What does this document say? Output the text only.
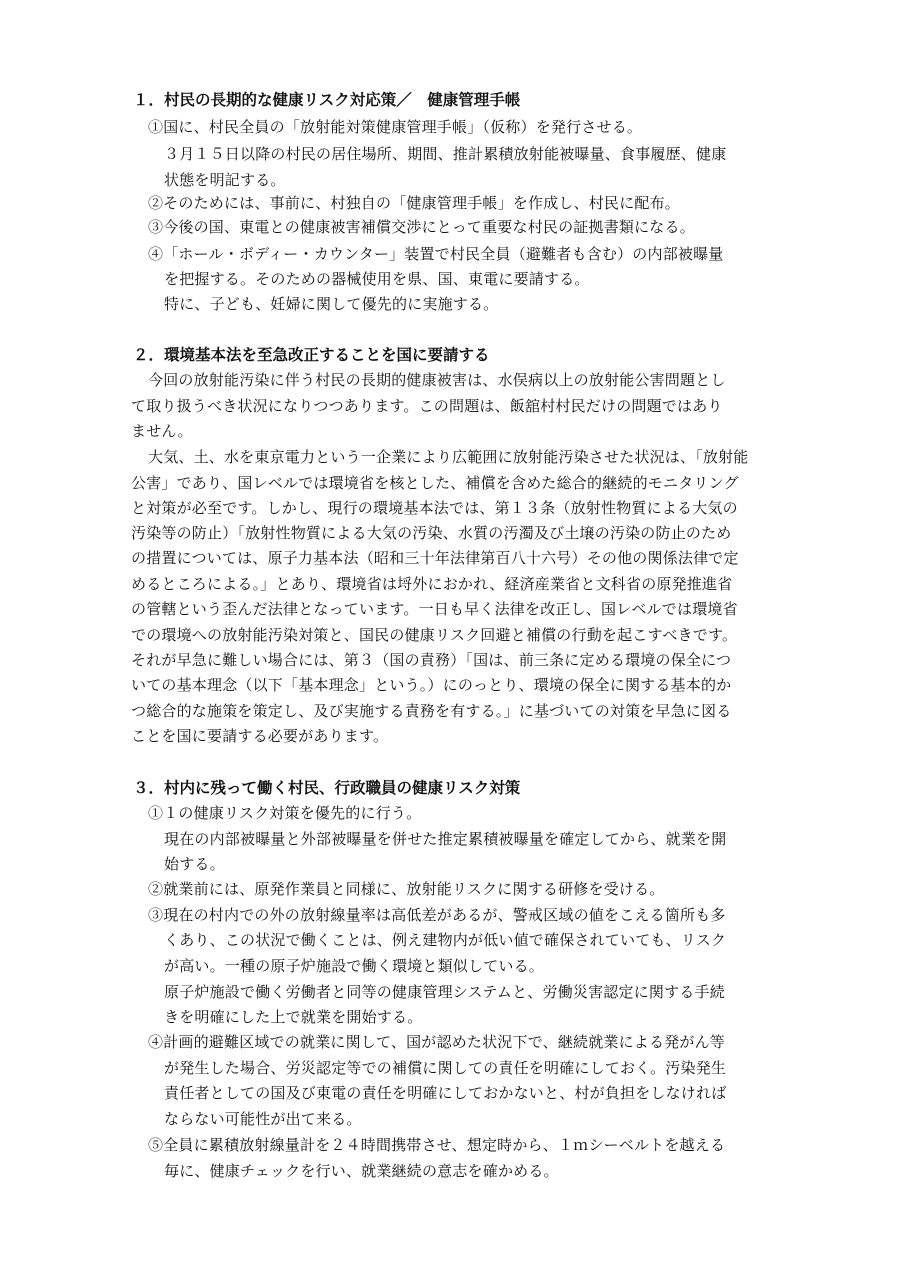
１．村民の長期的な健康リスク対応策／　健康管理手帳
①国に、村民全員の「放射能対策健康管理手帳」（仮称）を発行させる。
３月１５日以降の村民の居住場所、期間、推計累積放射能被曝量、食事履歴、健康
状態を明記する。
②そのためには、事前に、村独自の「健康管理手帳」を作成し、村民に配布。
③今後の国、東電との健康被害補償交渉にとって重要な村民の証拠書類になる。
④「ホール・ボディー・カウンター」装置で村民全員（避難者も含む）の内部被曝量
を把握する。そのための器械使用を県、国、東電に要請する。
特に、子ども、妊婦に関して優先的に実施する。
２．環境基本法を至急改正することを国に要請する
今回の放射能汚染に伴う村民の長期的健康被害は、水俣病以上の放射能公害問題とし
て取り扱うべき状況になりつつあります。この問題は、飯舘村村民だけの問題ではあり
ません。
大気、土、水を東京電力という一企業により広範囲に放射能汚染させた状況は、「放射能
公害」であり、国レベルでは環境省を核とした、補償を含めた総合的継続的モニタリング
と対策が必至です。しかし、現行の環境基本法では、第１３条（放射性物質による大気の
汚染等の防止）「放射性物質による大気の汚染、水質の汚濁及び土壌の汚染の防止のため
の措置については、原子力基本法（昭和三十年法律第百八十六号）その他の関係法律で定
めるところによる。」とあり、環境省は埒外におかれ、経済産業省と文科省の原発推進省
の管轄という歪んだ法律となっています。一日も早く法律を改正し、国レベルでは環境省
での環境への放射能汚染対策と、国民の健康リスク回避と補償の行動を起こすべきです。
それが早急に難しい場合には、第３（国の責務）「国は、前三条に定める環境の保全につ
いての基本理念（以下「基本理念」という。）にのっとり、環境の保全に関する基本的か
つ総合的な施策を策定し、及び実施する責務を有する。」に基づいての対策を早急に図る
ことを国に要請する必要があります。
３．村内に残って働く村民、行政職員の健康リスク対策
①１の健康リスク対策を優先的に行う。
現在の内部被曝量と外部被曝量を併せた推定累積被曝量を確定してから、就業を開
始する。
②就業前には、原発作業員と同様に、放射能リスクに関する研修を受ける。
③現在の村内での外の放射線量率は高低差があるが、警戒区域の値をこえる箇所も多
くあり、この状況で働くことは、例え建物内が低い値で確保されていても、リスク
が高い。一種の原子炉施設で働く環境と類似している。
原子炉施設で働く労働者と同等の健康管理システムと、労働災害認定に関する手続
きを明確にした上で就業を開始する。
④計画的避難区域での就業に関して、国が認めた状況下で、継続就業による発がん等
が発生した場合、労災認定等での補償に関しての責任を明確にしておく。汚染発生
責任者としての国及び東電の責任を明確にしておかないと、村が負担をしなければ
ならない可能性が出て来る。
⑤全員に累積放射線量計を２４時間携帯させ、想定時から、１ｍシーベルトを越える
毎に、健康チェックを行い、就業継続の意志を確かめる。
